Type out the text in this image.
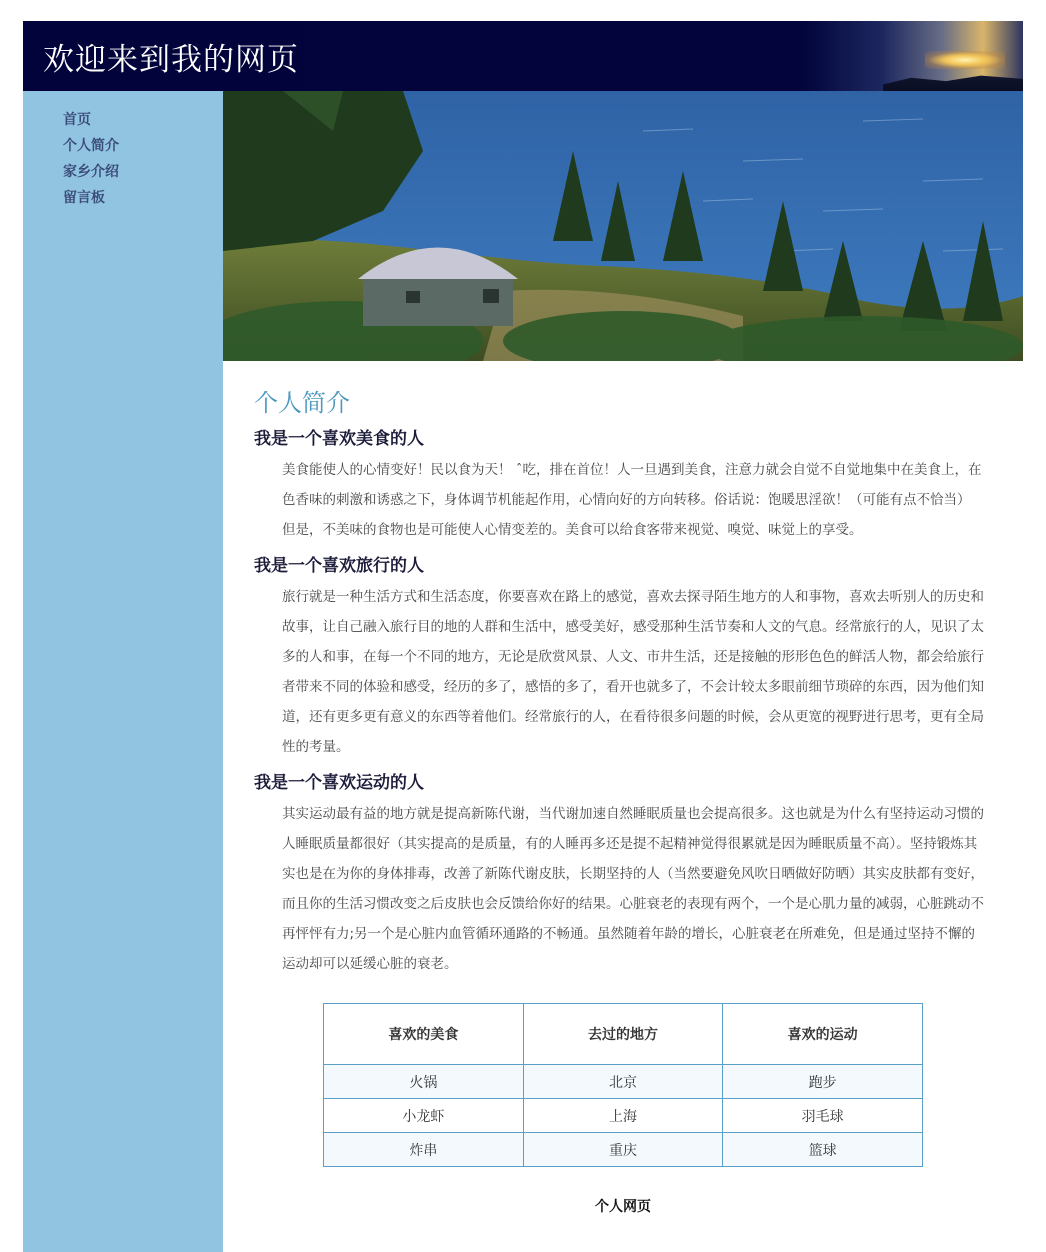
欢迎来到我的网页
首页
个人简介
家乡介绍
留言板
个人简介
我是一个喜欢美食的人

美食能使人的心情变好！民以食为天！ ˆ吃，排在首位！人一旦遇到美食，注意力就会自觉不自觉地集中在美食上，在色香味的刺激和诱惑之下，身体调节机能起作用，心情向好的方向转移。俗话说：饱暖思淫欲！（可能有点不恰当） 但是，不美味的食物也是可能使人心情变差的。美食可以给食客带来视觉、嗅觉、味觉上的享受。

我是一个喜欢旅行的人

旅行就是一种生活方式和生活态度，你要喜欢在路上的感觉，喜欢去探寻陌生地方的人和事物，喜欢去听别人的历史和故事，让自己融入旅行目的地的人群和生活中，感受美好，感受那种生活节奏和人文的气息。经常旅行的人，见识了太多的人和事，在每一个不同的地方，无论是欣赏风景、人文、市井生活，还是接触的形形色色的鲜活人物，都会给旅行者带来不同的体验和感受，经历的多了，感悟的多了，看开也就多了，不会计较太多眼前细节琐碎的东西，因为他们知道，还有更多更有意义的东西等着他们。经常旅行的人，在看待很多问题的时候，会从更宽的视野进行思考，更有全局性的考量。

我是一个喜欢运动的人

其实运动最有益的地方就是提高新陈代谢，当代谢加速自然睡眠质量也会提高很多。这也就是为什么有坚持运动习惯的人睡眠质量都很好（其实提高的是质量，有的人睡再多还是提不起精神觉得很累就是因为睡眠质量不高）。坚持锻炼其实也是在为你的身体排毒，改善了新陈代谢皮肤，长期坚持的人（当然要避免风吹日晒做好防晒）其实皮肤都有变好，而且你的生活习惯改变之后皮肤也会反馈给你好的结果。心脏衰老的表现有两个，一个是心肌力量的减弱，心脏跳动不再怦怦有力;另一个是心脏内血管循环通路的不畅通。虽然随着年龄的增长，心脏衰老在所难免，但是通过坚持不懈的运动却可以延缓心脏的衰老。

喜欢的美食	去过的地方	喜欢的运动
火锅	北京	跑步
小龙虾	上海	羽毛球
炸串	重庆	篮球
个人网页
